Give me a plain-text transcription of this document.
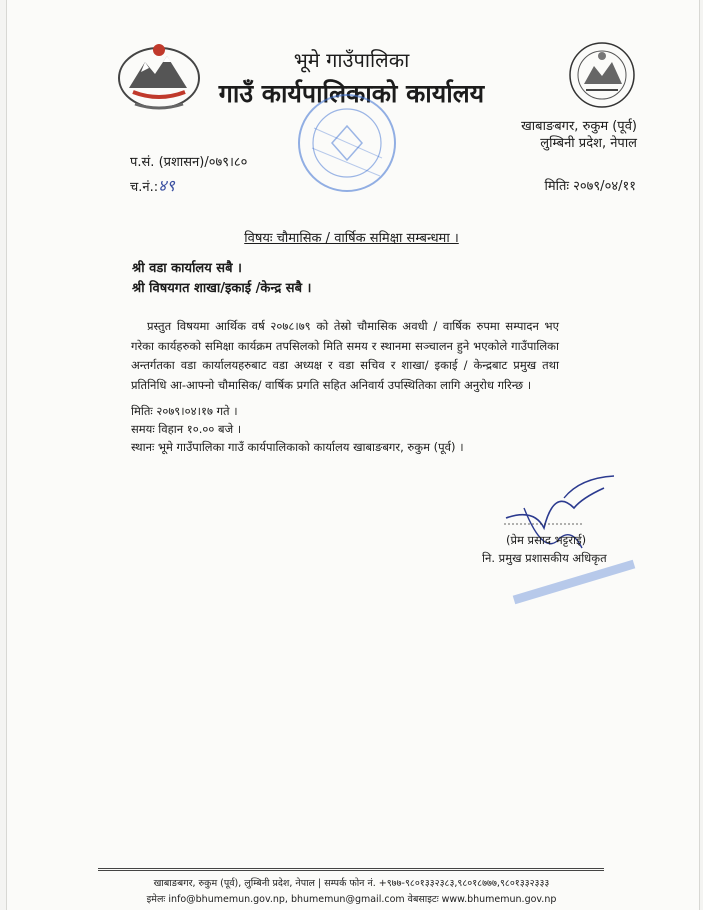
भूमे गाउँपालिका
गाउँ कार्यपालिकाको कार्यालय
खाबाङबगर, रुकुम (पूर्व)
लुम्बिनी प्रदेश, नेपाल
प.सं. (प्रशासन)/०७९।८०
च.नं.:४९	मितिः २०७९/०४/११
विषयः चौमासिक / वार्षिक समिक्षा सम्बन्धमा ।
श्री वडा कार्यालय सबै ।
श्री विषयगत शाखा/इकाई /केन्द्र सबै ।
प्रस्तुत विषयमा आर्थिक वर्ष २०७८।७९ को तेस्रो चौमासिक अवधी / वार्षिक रुपमा सम्पादन भए गरेका कार्यहरुको समिक्षा कार्यक्रम तपसिलको मिति समय र स्थानमा सञ्चालन हुने भएकोले गाउँपालिका अन्तर्गतका वडा कार्यालयहरुबाट वडा अध्यक्ष र वडा सचिव र शाखा/ इकाई / केन्द्रबाट प्रमुख तथा प्रतिनिधि आ-आफ्नो चौमासिक/ वार्षिक प्रगति सहित अनिवार्य उपस्थितिका लागि अनुरोध गरिन्छ ।
मितिः २०७९।०४।१७ गते ।
समयः विहान १०.०० बजे ।
स्थानः भूमे गाउँपालिका गाउँ कार्यपालिकाको कार्यालय खाबाङबगर, रुकुम (पूर्व) ।
(प्रेम प्रसाद भट्टराई)
नि. प्रमुख प्रशासकीय अधिकृत
खाबाङबगर, रुकुम (पूर्व), लुम्बिनी प्रदेश, नेपाल | सम्पर्क फोन नं. +९७७-९८०१३३२३८३,९८०१८७७७,९८०१३३२३३३
इमेलः info@bhumemun.gov.np, bhumemun@gmail.com वेबसाइटः www.bhumemun.gov.np
